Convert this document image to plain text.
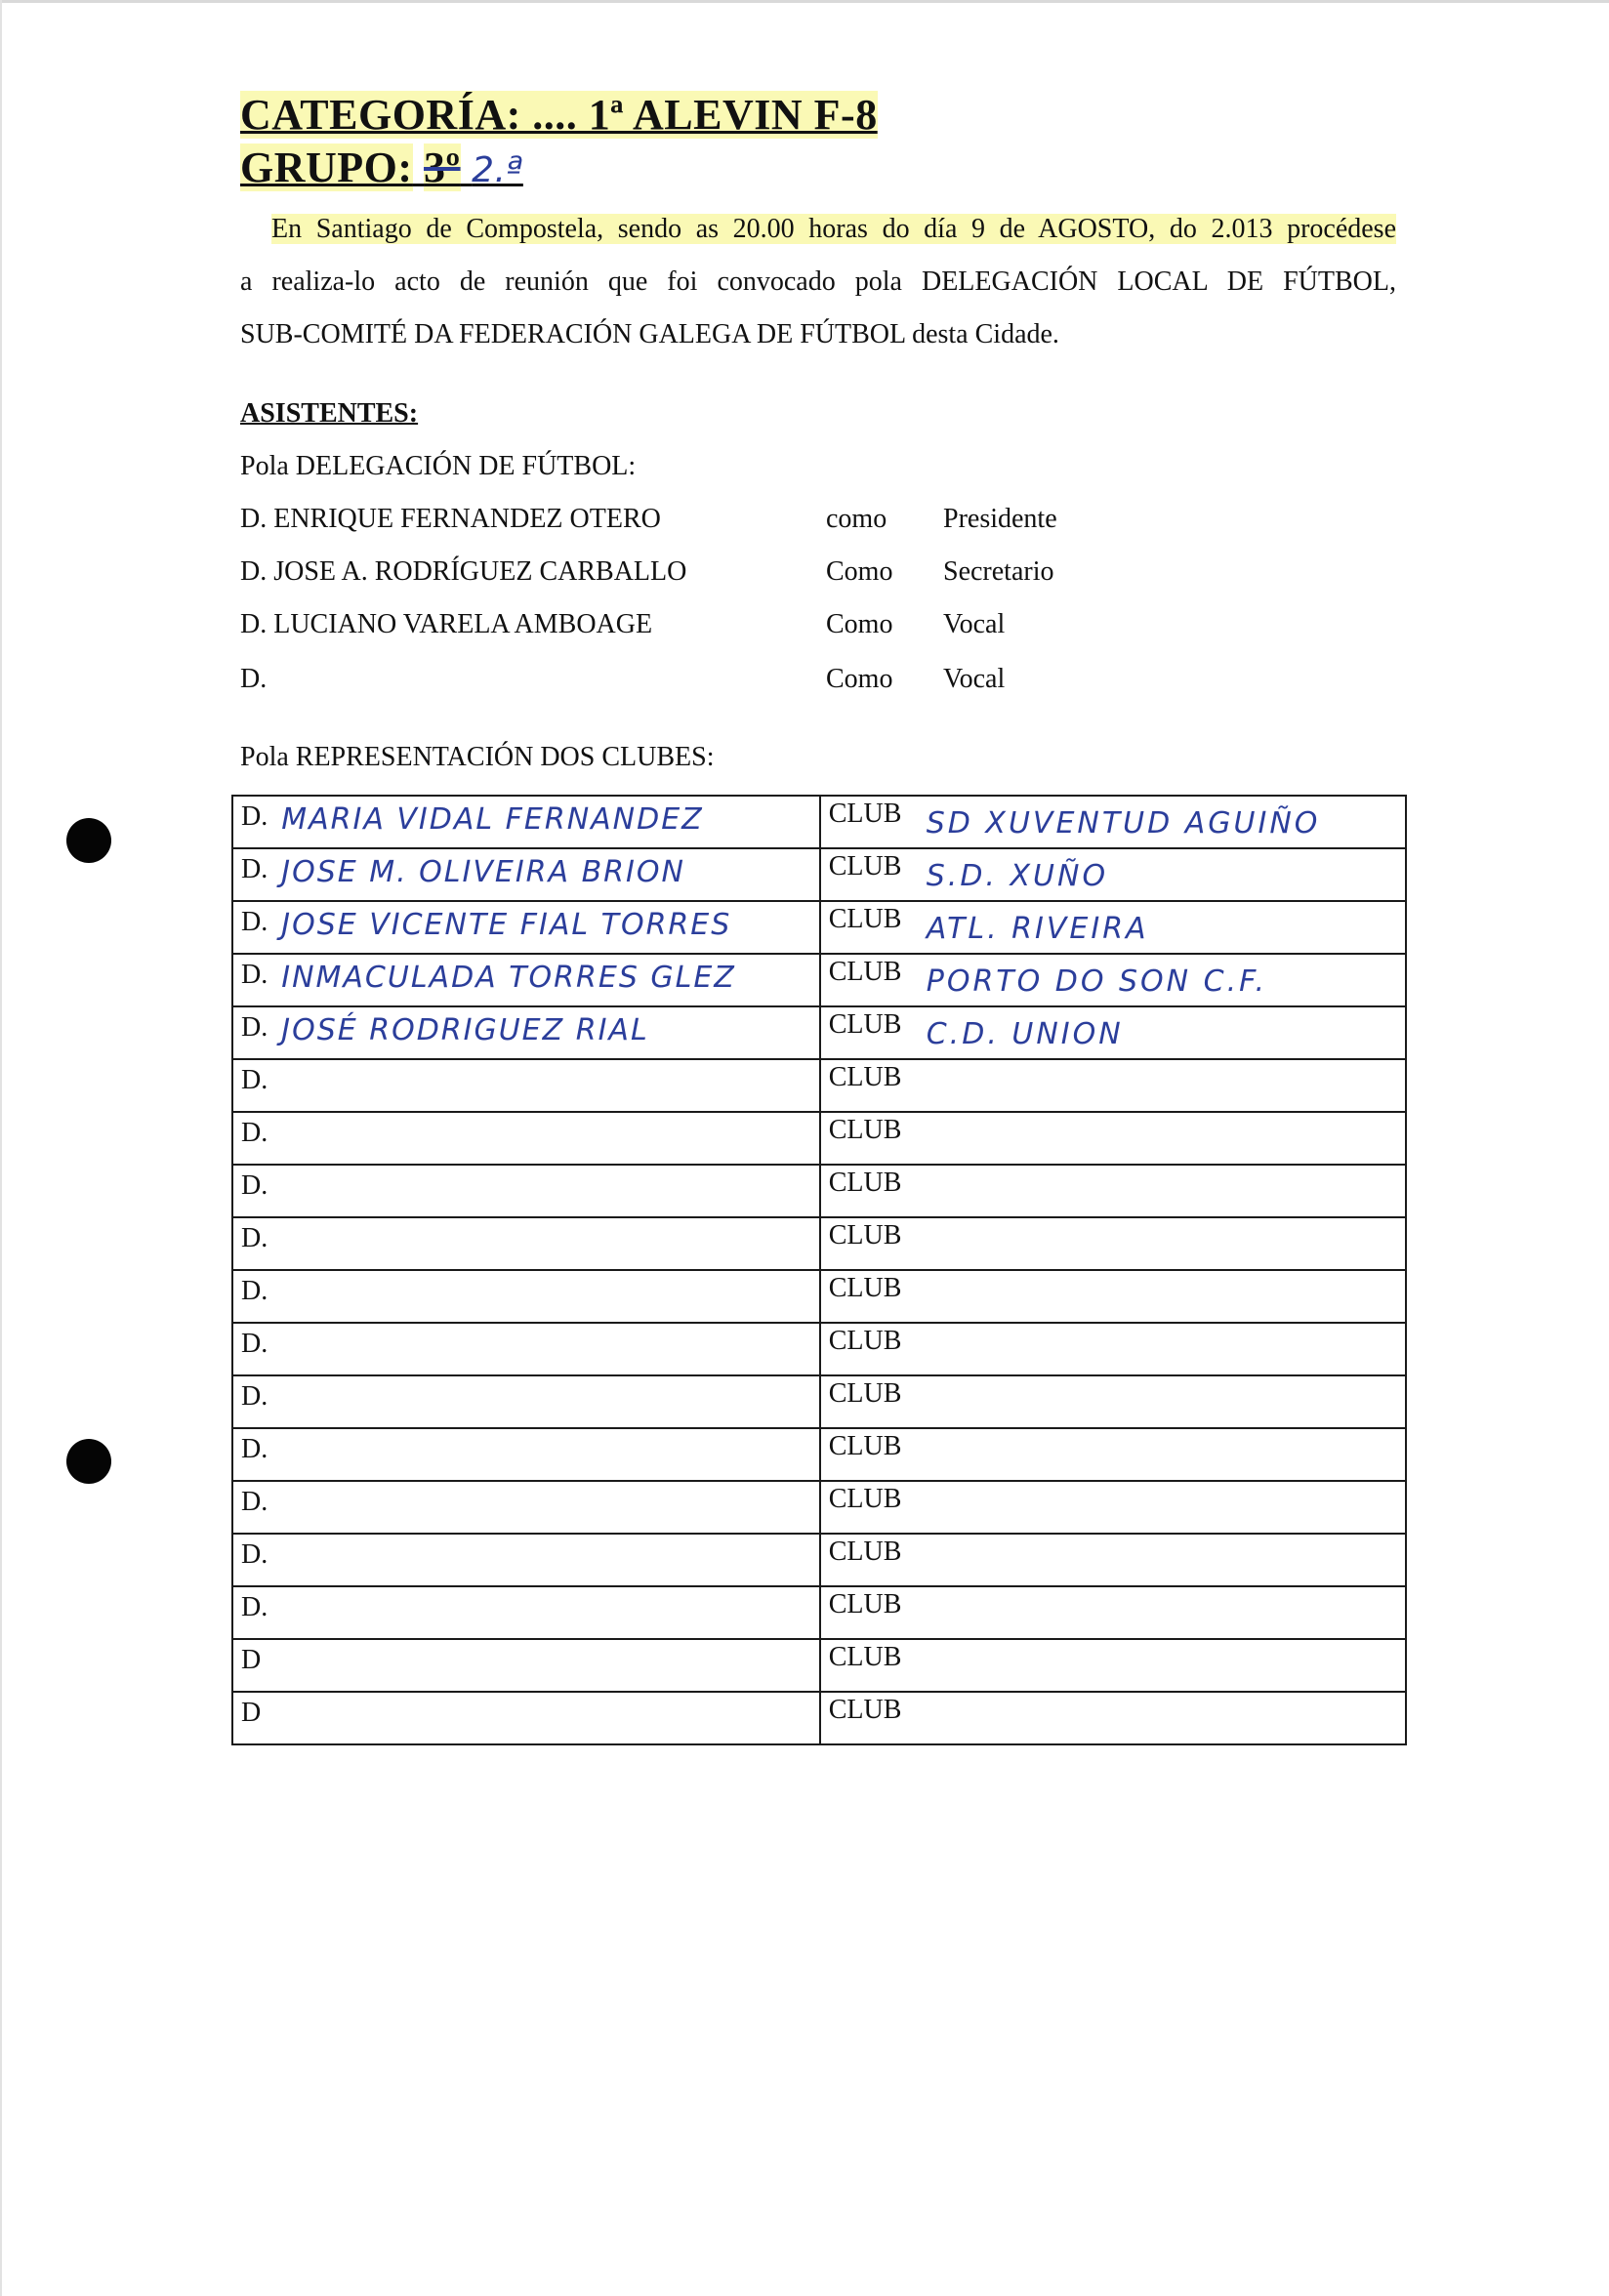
CATEGORÍA: .... 1ª ALEVIN F-8
GRUPO: 3º 2.ª
En Santiago de Compostela, sendo as 20.00 horas do día 9 de AGOSTO, do 2.013 procédese
a realiza-lo acto de reunión que foi convocado pola DELEGACIÓN LOCAL DE FÚTBOL,
SUB-COMITÉ DA FEDERACIÓN GALEGA DE FÚTBOL desta Cidade.
ASISTENTES:
Pola DELEGACIÓN DE FÚTBOL:
D. ENRIQUE FERNANDEZ OTERO	como Presidente
D. JOSE A. RODRÍGUEZ CARBALLO	Como Secretario
D. LUCIANO VARELA AMBOAGE	Como Vocal
D.	Como Vocal
Pola REPRESENTACIÓN DOS CLUBES:
D. MARIA VIDAL FERNANDEZ	CLUB SD XUVENTUD AGUIÑO

D. JOSE M. OLIVEIRA BRION	CLUB S.D. XUÑO

D. JOSE VICENTE FIAL TORRES	CLUB ATL. RIVEIRA

D. INMACULADA TORRES GLEZ	CLUB PORTO DO SON C.F.

D. JOSÉ RODRIGUEZ RIAL	CLUB C.D. UNION

D.	CLUB

D.	CLUB

D.	CLUB

D.	CLUB

D.	CLUB

D.	CLUB

D.	CLUB

D.	CLUB

D.	CLUB

D.	CLUB

D.	CLUB

D	CLUB

D	CLUB
